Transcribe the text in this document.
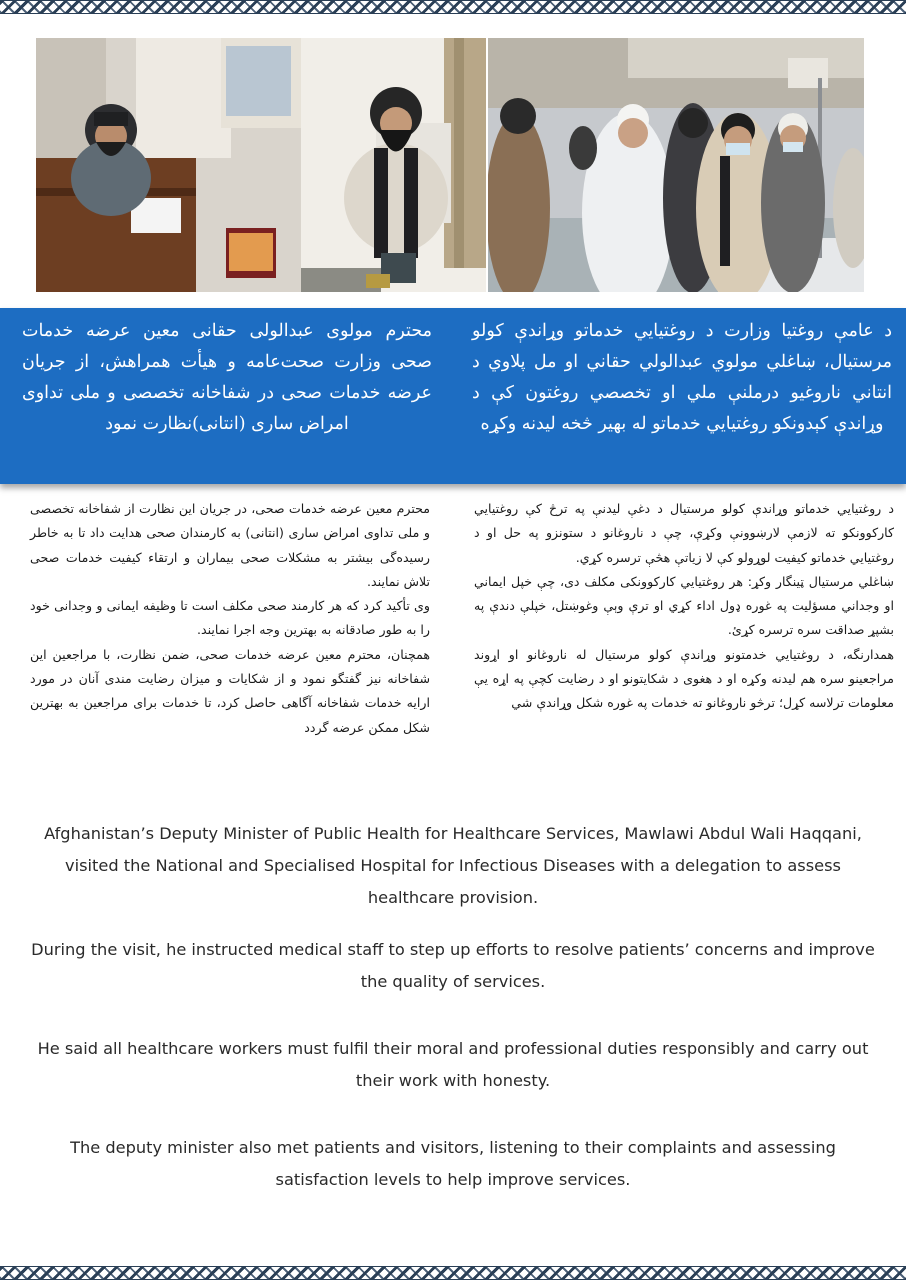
محترم مولوی عبدالولی حقانی معین عرضه خدمات صحی وزارت صحت‌عامه و هیأت همراهش، از جریان عرضه خدمات صحی در شفاخانه تخصصی و ملی تداوی امراض ساری (انتانی)نظارت نمود
د عامې روغتيا وزارت د روغتيايي خدماتو وړاندې كولو مرستيال، ښاغلي مولوي عبدالولي حقاني او مل پلاوي د انتاني ناروغيو درملنې ملي او تخصصي روغتون كې د وړاندې كېدونكو روغتيايي خدماتو له بهير څخه ليدنه وكړه

محترم معین عرضه خدمات صحی، در جریان این نظارت از شفاخانه تخصصی و ملی تداوی امراض ساری (انتانی) به کارمندان صحی هدایت داد تا به خاطر رسیده‌گی بیشتر به مشکلات صحی بیماران و ارتقاء کیفیت خدمات صحی تلاش نمایند.

وی تأکید کرد که هر کارمند صحی مکلف است تا وظیفه ایمانی و وجدانی خود را به طور صادقانه به بهترین وجه اجرا نمایند.

همچنان، محترم معین عرضه خدمات صحی، ضمن نظارت، با مراجعین این شفاخانه نیز گفتگو نمود و از شکایات و میزان رضایت مندی آنان در مورد ارایه خدمات شفاخانه آگاهی حاصل کرد، تا خدمات برای مراجعین به بهترین شکل ممکن عرضه گردد

د روغتيايي خدماتو وړاندې كولو مرستيال د دغې ليدنې په ترڅ كې روغتيايي كاركوونكو ته لازمې لارښوونې وكړې، چې د ناروغانو د ستونزو په حل او د روغتيايي خدماتو كيفيت لوړولو كې لا زياتې هڅې ترسره كړي.

ښاغلي مرستيال ټينگار وكړ: هر روغتيايي كاركوونكى مكلف دى، چې خپل ايماني او وجداني مسؤليت په غوره ډول اداء كړي او ترې وېې وغوښتل، خپلې دندې په بشپړ صداقت سره ترسره كړئ.

همدارنگه، د روغتيايي خدمتونو وړاندې كولو مرستيال له ناروغانو او اړوند مراجعينو سره هم ليدنه وكړه او د هغوى د شكايتونو او د رضايت كچې په اړه يې معلومات ترلاسه كړل؛ ترڅو ناروغانو ته خدمات په غوره شكل وړاندې شي

Afghanistan’s Deputy Minister of Public Health for Healthcare Services, Mawlawi Abdul Wali Haqqani, visited the National and Specialised Hospital for Infectious Diseases with a delegation to assess healthcare provision.

During the visit, he instructed medical staff to step up efforts to resolve patients’ concerns and improve the quality of services.

He said all healthcare workers must fulfil their moral and professional duties responsibly and carry out their work with honesty.

The deputy minister also met patients and visitors, listening to their complaints and assessing satisfaction levels to help improve services.
